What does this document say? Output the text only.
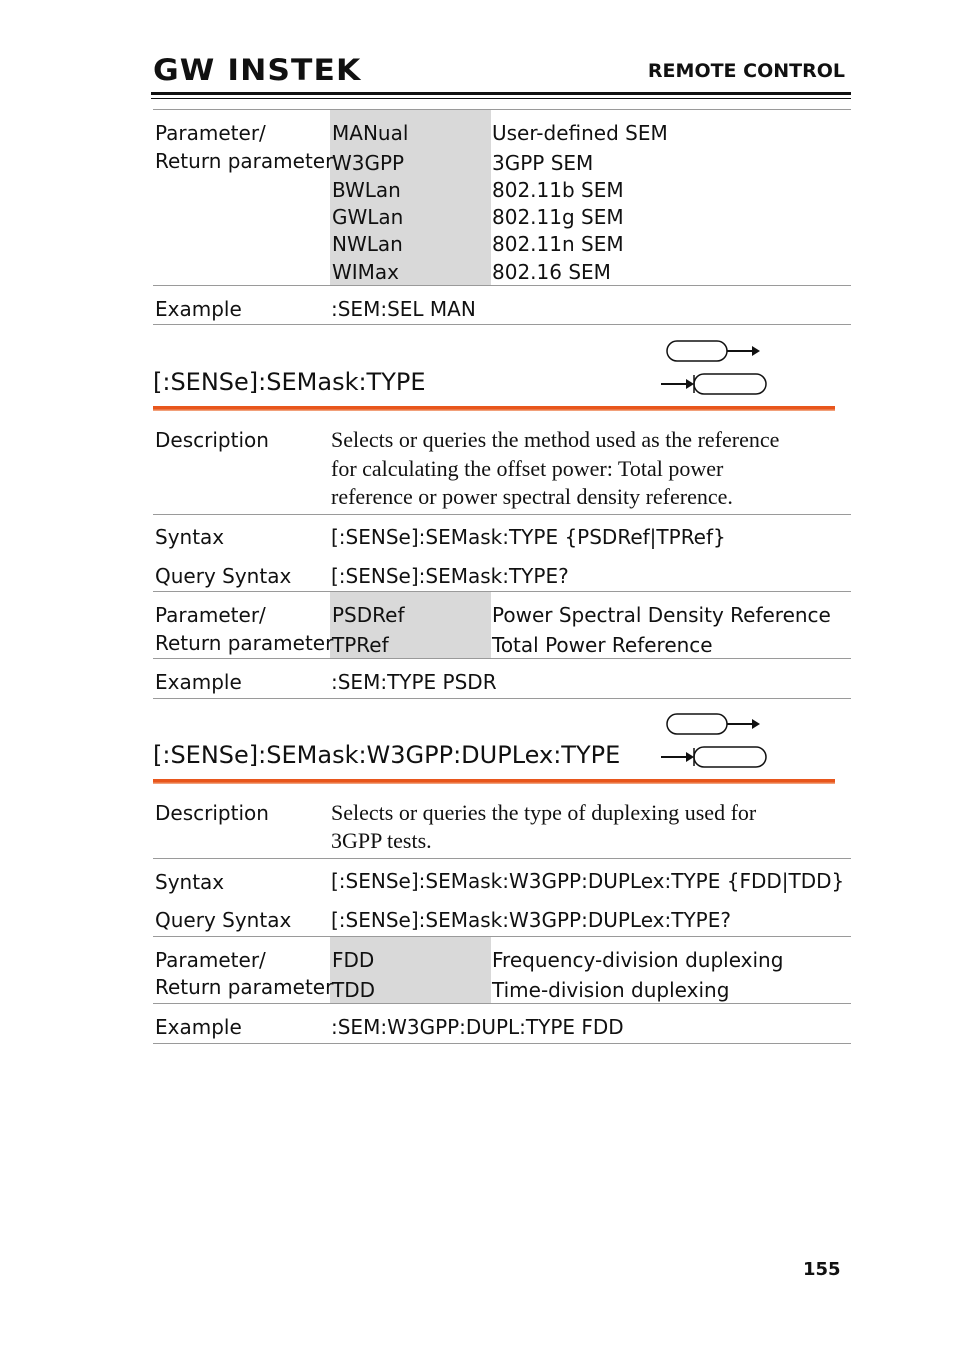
GW INSTEK	REMOTE CONTROL
Parameter/
Return parameter
MANual	User-defined SEM
W3GPP	3GPP SEM
BWLan	802.11b SEM
GWLan	802.11g SEM
NWLan	802.11n SEM
WIMax	802.16 SEM
Example	:SEM:SEL MAN
[:SENSe]:SEMask:TYPE
Description	Selects or queries the method used as the reference
for calculating the offset power: Total power
reference or power spectral density reference.
Syntax	[:SENSe]:SEMask:TYPE {PSDRef|TPRef}
Query Syntax [:SENSe]:SEMask:TYPE?
Parameter/
Return parameter
PSDRef	Power Spectral Density Reference
TPRef	Total Power Reference
Example	:SEM:TYPE PSDR
[:SENSe]:SEMask:W3GPP:DUPLex:TYPE
Description	Selects or queries the type of duplexing used for
3GPP tests.
Syntax	[:SENSe]:SEMask:W3GPP:DUPLex:TYPE {FDD|TDD}
Query Syntax [:SENSe]:SEMask:W3GPP:DUPLex:TYPE?
Parameter/
Return parameter
FDD	Frequency-division duplexing
TDD	Time-division duplexing
Example	:SEM:W3GPP:DUPL:TYPE FDD
155
